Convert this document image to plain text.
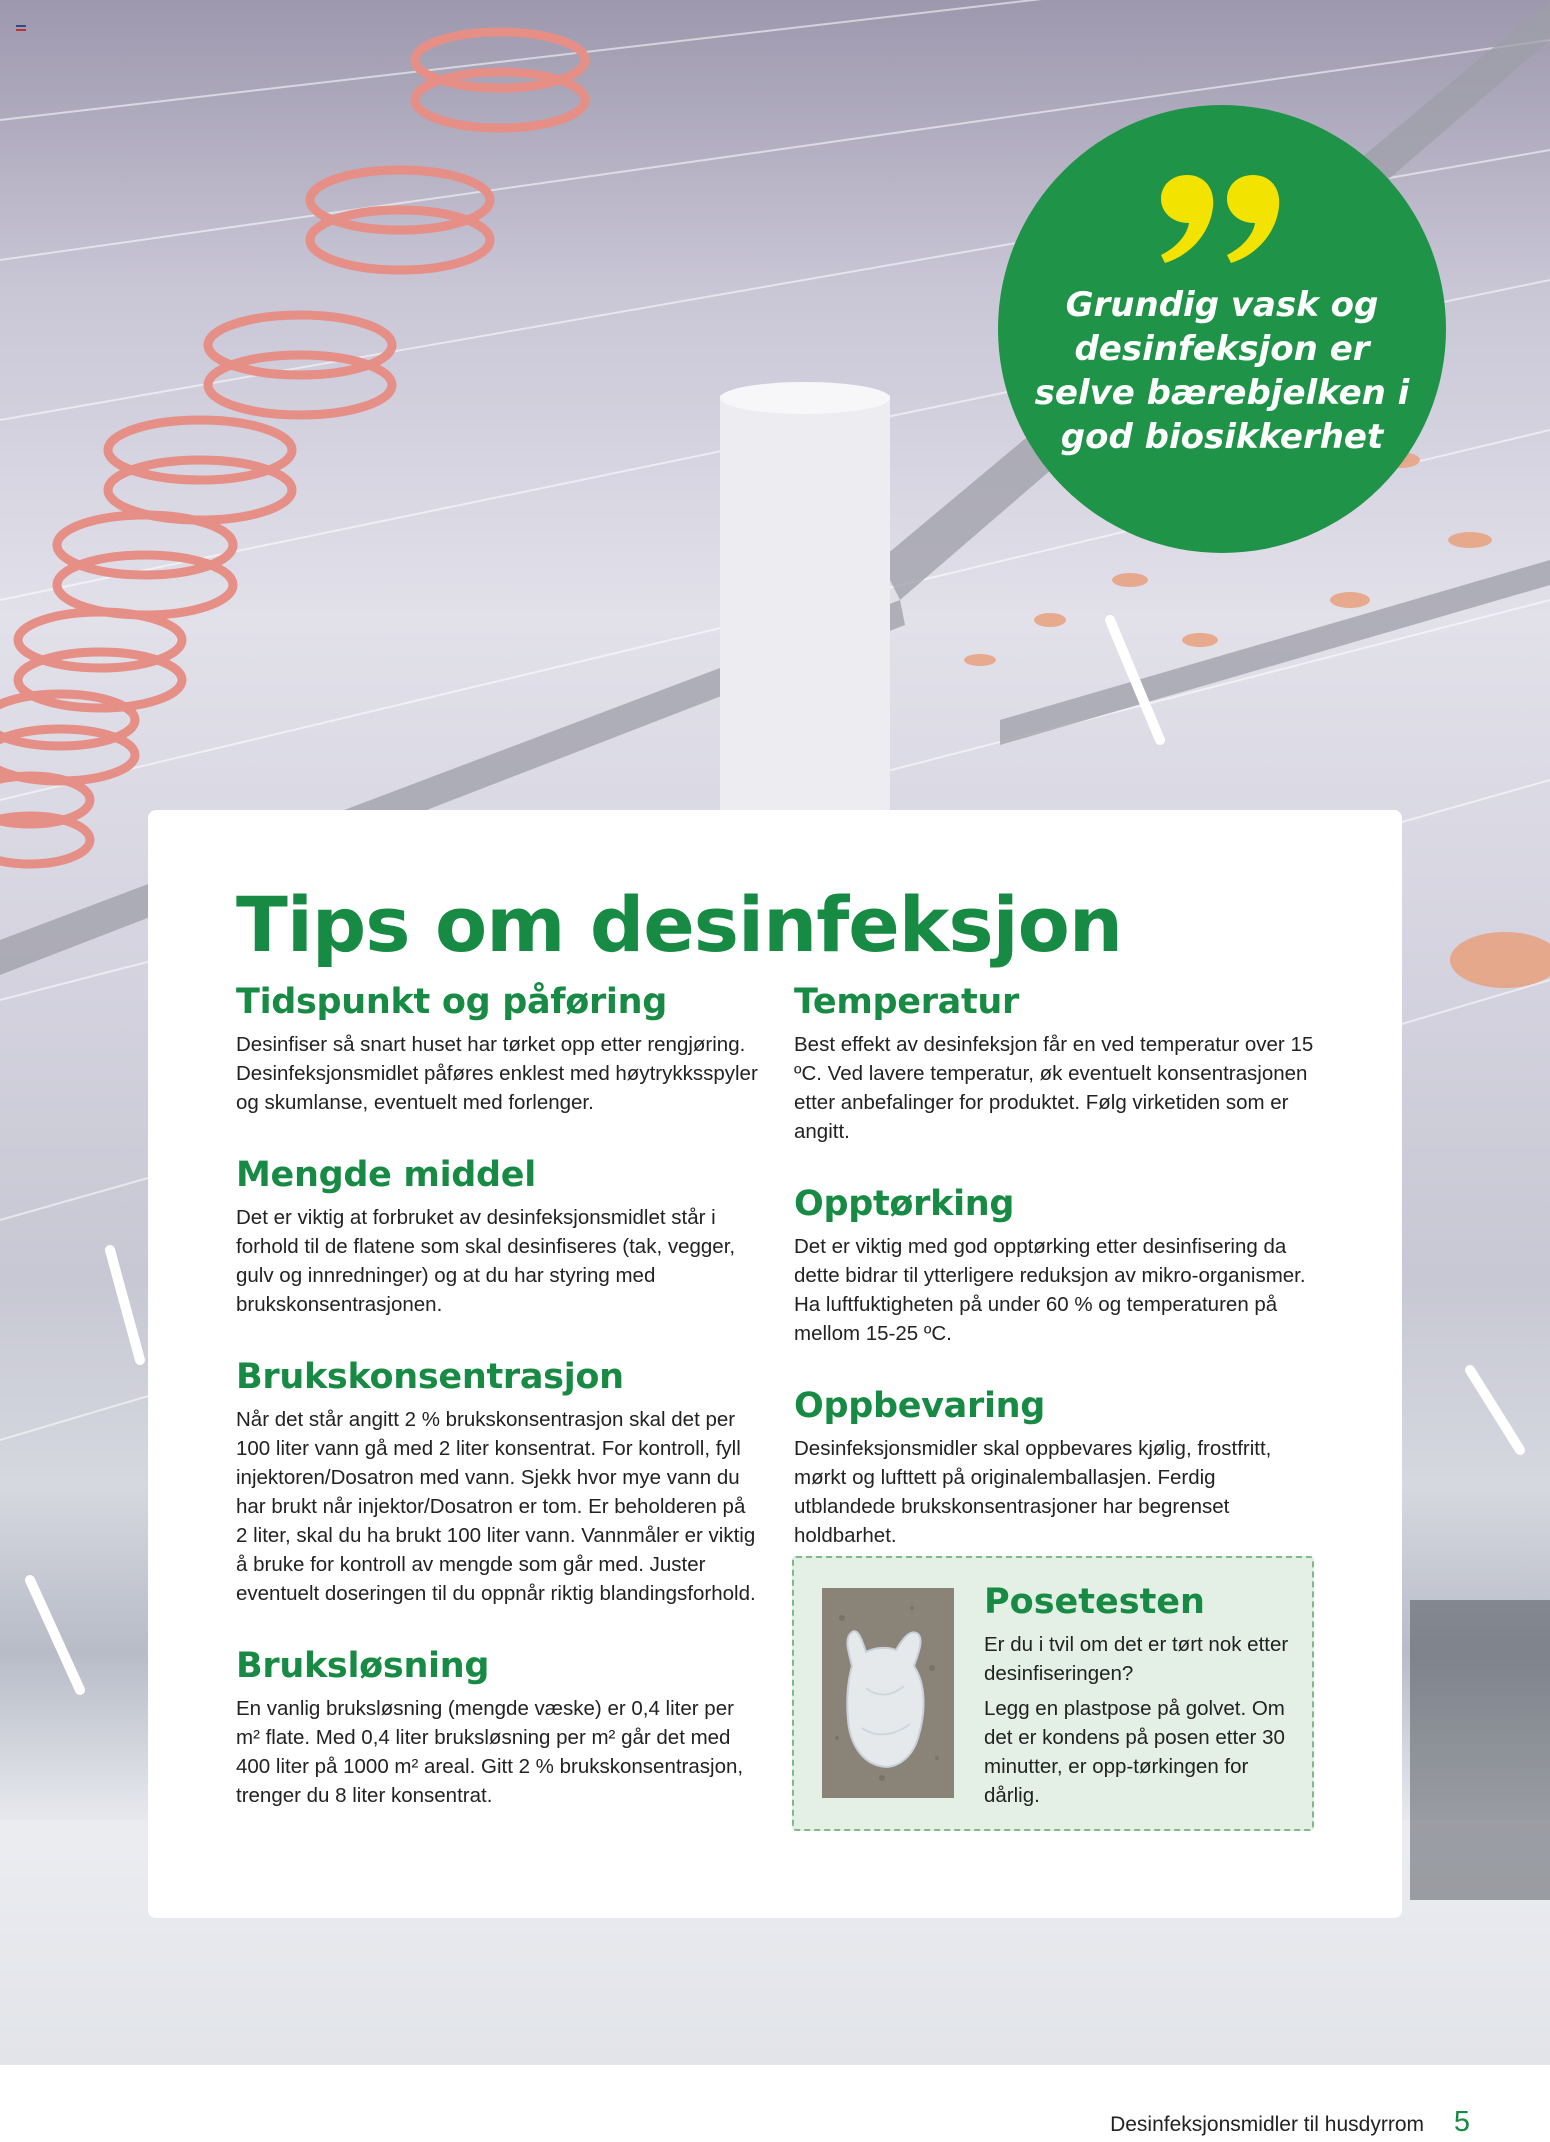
Grundig vask og desinfeksjon er selve bærebjelken i god biosikkerhet
Tips om desinfeksjon
Tidspunkt og påføring

Desinfiser så snart huset har tørket opp etter rengjøring. Desinfeksjonsmidlet påføres enklest med høytrykksspyler og skumlanse, eventuelt med forlenger.

Mengde middel

Det er viktig at forbruket av desinfeksjonsmidlet står i forhold til de flatene som skal desinfiseres (tak, vegger, gulv og innredninger) og at du har styring med brukskonsentrasjonen.

Brukskonsentrasjon

Når det står angitt 2 % brukskonsentrasjon skal det per 100 liter vann gå med 2 liter konsentrat. For kontroll, fyll injektoren/Dosatron med vann. Sjekk hvor mye vann du har brukt når injektor/Dosatron er tom. Er beholderen på 2 liter, skal du ha brukt 100 liter vann. Vannmåler er viktig å bruke for kontroll av mengde som går med. Juster eventuelt doseringen til du oppnår riktig blandingsforhold.

Bruksløsning

En vanlig bruksløsning (mengde væske) er 0,4 liter per m² flate. Med 0,4 liter bruksløsning per m² går det med 400 liter på 1000 m² areal. Gitt 2 % brukskonsentrasjon, trenger du 8 liter konsentrat.

Temperatur

Best effekt av desinfeksjon får en ved temperatur over 15 ºC. Ved lavere temperatur, øk eventuelt konsentrasjonen etter anbefalinger for produktet. Følg virketiden som er angitt.

Opptørking

Det er viktig med god opptørking etter desinfisering da dette bidrar til ytterligere reduksjon av mikro-organismer. Ha luftfuktigheten på under 60 % og temperaturen på mellom 15-25 ºC.

Oppbevaring

Desinfeksjonsmidler skal oppbevares kjølig, frostfritt, mørkt og lufttett på originalemballasjen. Ferdig utblandede brukskonsentrasjoner har begrenset holdbarhet.

Posetesten

Er du i tvil om det er tørt nok etter desinfiseringen?

Legg en plastpose på golvet. Om det er kondens på posen etter 30 minutter, er opp-tørkingen for dårlig.

Desinfeksjonsmidler til husdyrrom 5
